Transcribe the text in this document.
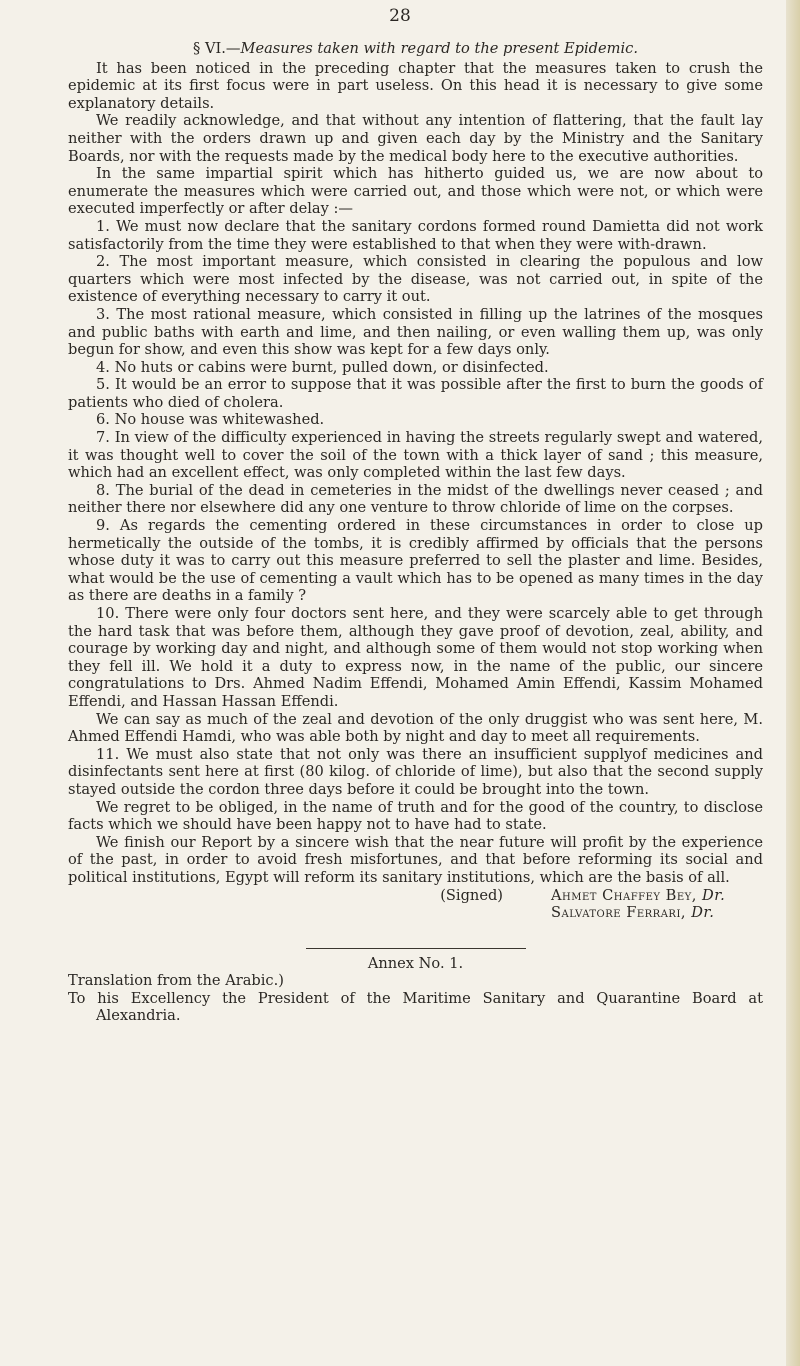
28

§ VI.—Measures taken with regard to the present Epidemic.

It has been noticed in the preceding chapter that the measures taken to crush the epidemic at its first focus were in part useless. On this head it is necessary to give some explanatory details.

We readily acknowledge, and that without any intention of flattering, that the fault lay neither with the orders drawn up and given each day by the Ministry and the Sanitary Boards, nor with the requests made by the medical body here to the executive authorities.

In the same impartial spirit which has hitherto guided us, we are now about to enumerate the measures which were carried out, and those which were not, or which were executed imperfectly or after delay :—

1. We must now declare that the sanitary cordons formed round Damietta did not work satisfactorily from the time they were established to that when they were with-drawn.

2. The most important measure, which consisted in clearing the populous and low quarters which were most infected by the disease, was not carried out, in spite of the existence of everything necessary to carry it out.

3. The most rational measure, which consisted in filling up the latrines of the mosques and public baths with earth and lime, and then nailing, or even walling them up, was only begun for show, and even this show was kept for a few days only.

4. No huts or cabins were burnt, pulled down, or disinfected.

5. It would be an error to suppose that it was possible after the first to burn the goods of patients who died of cholera.

6. No house was whitewashed.

7. In view of the difficulty experienced in having the streets regularly swept and watered, it was thought well to cover the soil of the town with a thick layer of sand ; this measure, which had an excellent effect, was only completed within the last few days.

8. The burial of the dead in cemeteries in the midst of the dwellings never ceased ; and neither there nor elsewhere did any one venture to throw chloride of lime on the corpses.

9. As regards the cementing ordered in these circumstances in order to close up hermetically the outside of the tombs, it is credibly affirmed by officials that the persons whose duty it was to carry out this measure preferred to sell the plaster and lime. Besides, what would be the use of cementing a vault which has to be opened as many times in the day as there are deaths in a family ?

10. There were only four doctors sent here, and they were scarcely able to get through the hard task that was before them, although they gave proof of devotion, zeal, ability, and courage by working day and night, and although some of them would not stop working when they fell ill. We hold it a duty to express now, in the name of the public, our sincere congratulations to Drs. Ahmed Nadim Effendi, Mohamed Amin Effendi, Kassim Mohamed Effendi, and Hassan Hassan Effendi.

We can say as much of the zeal and devotion of the only druggist who was sent here, M. Ahmed Effendi Hamdi, who was able both by night and day to meet all requirements.

11. We must also state that not only was there an insufficient supplyof medicines and disinfectants sent here at first (80 kilog. of chloride of lime), but also that the second supply stayed outside the cordon three days before it could be brought into the town.

We regret to be obliged, in the name of truth and for the good of the country, to disclose facts which we should have been happy not to have had to state.

We finish our Report by a sincere wish that the near future will profit by the experience of the past, in order to avoid fresh misfortunes, and that before reforming its social and political institutions, Egypt will reform its sanitary institutions, which are the basis of all.

(Signed)	Ahmet Chaffey Bey, Dr.
Salvatore Ferrari, Dr.

Annex No. 1.

Translation from the Arabic.)

To his Excellency the President of the Maritime Sanitary and Quarantine Board at Alexandria.
